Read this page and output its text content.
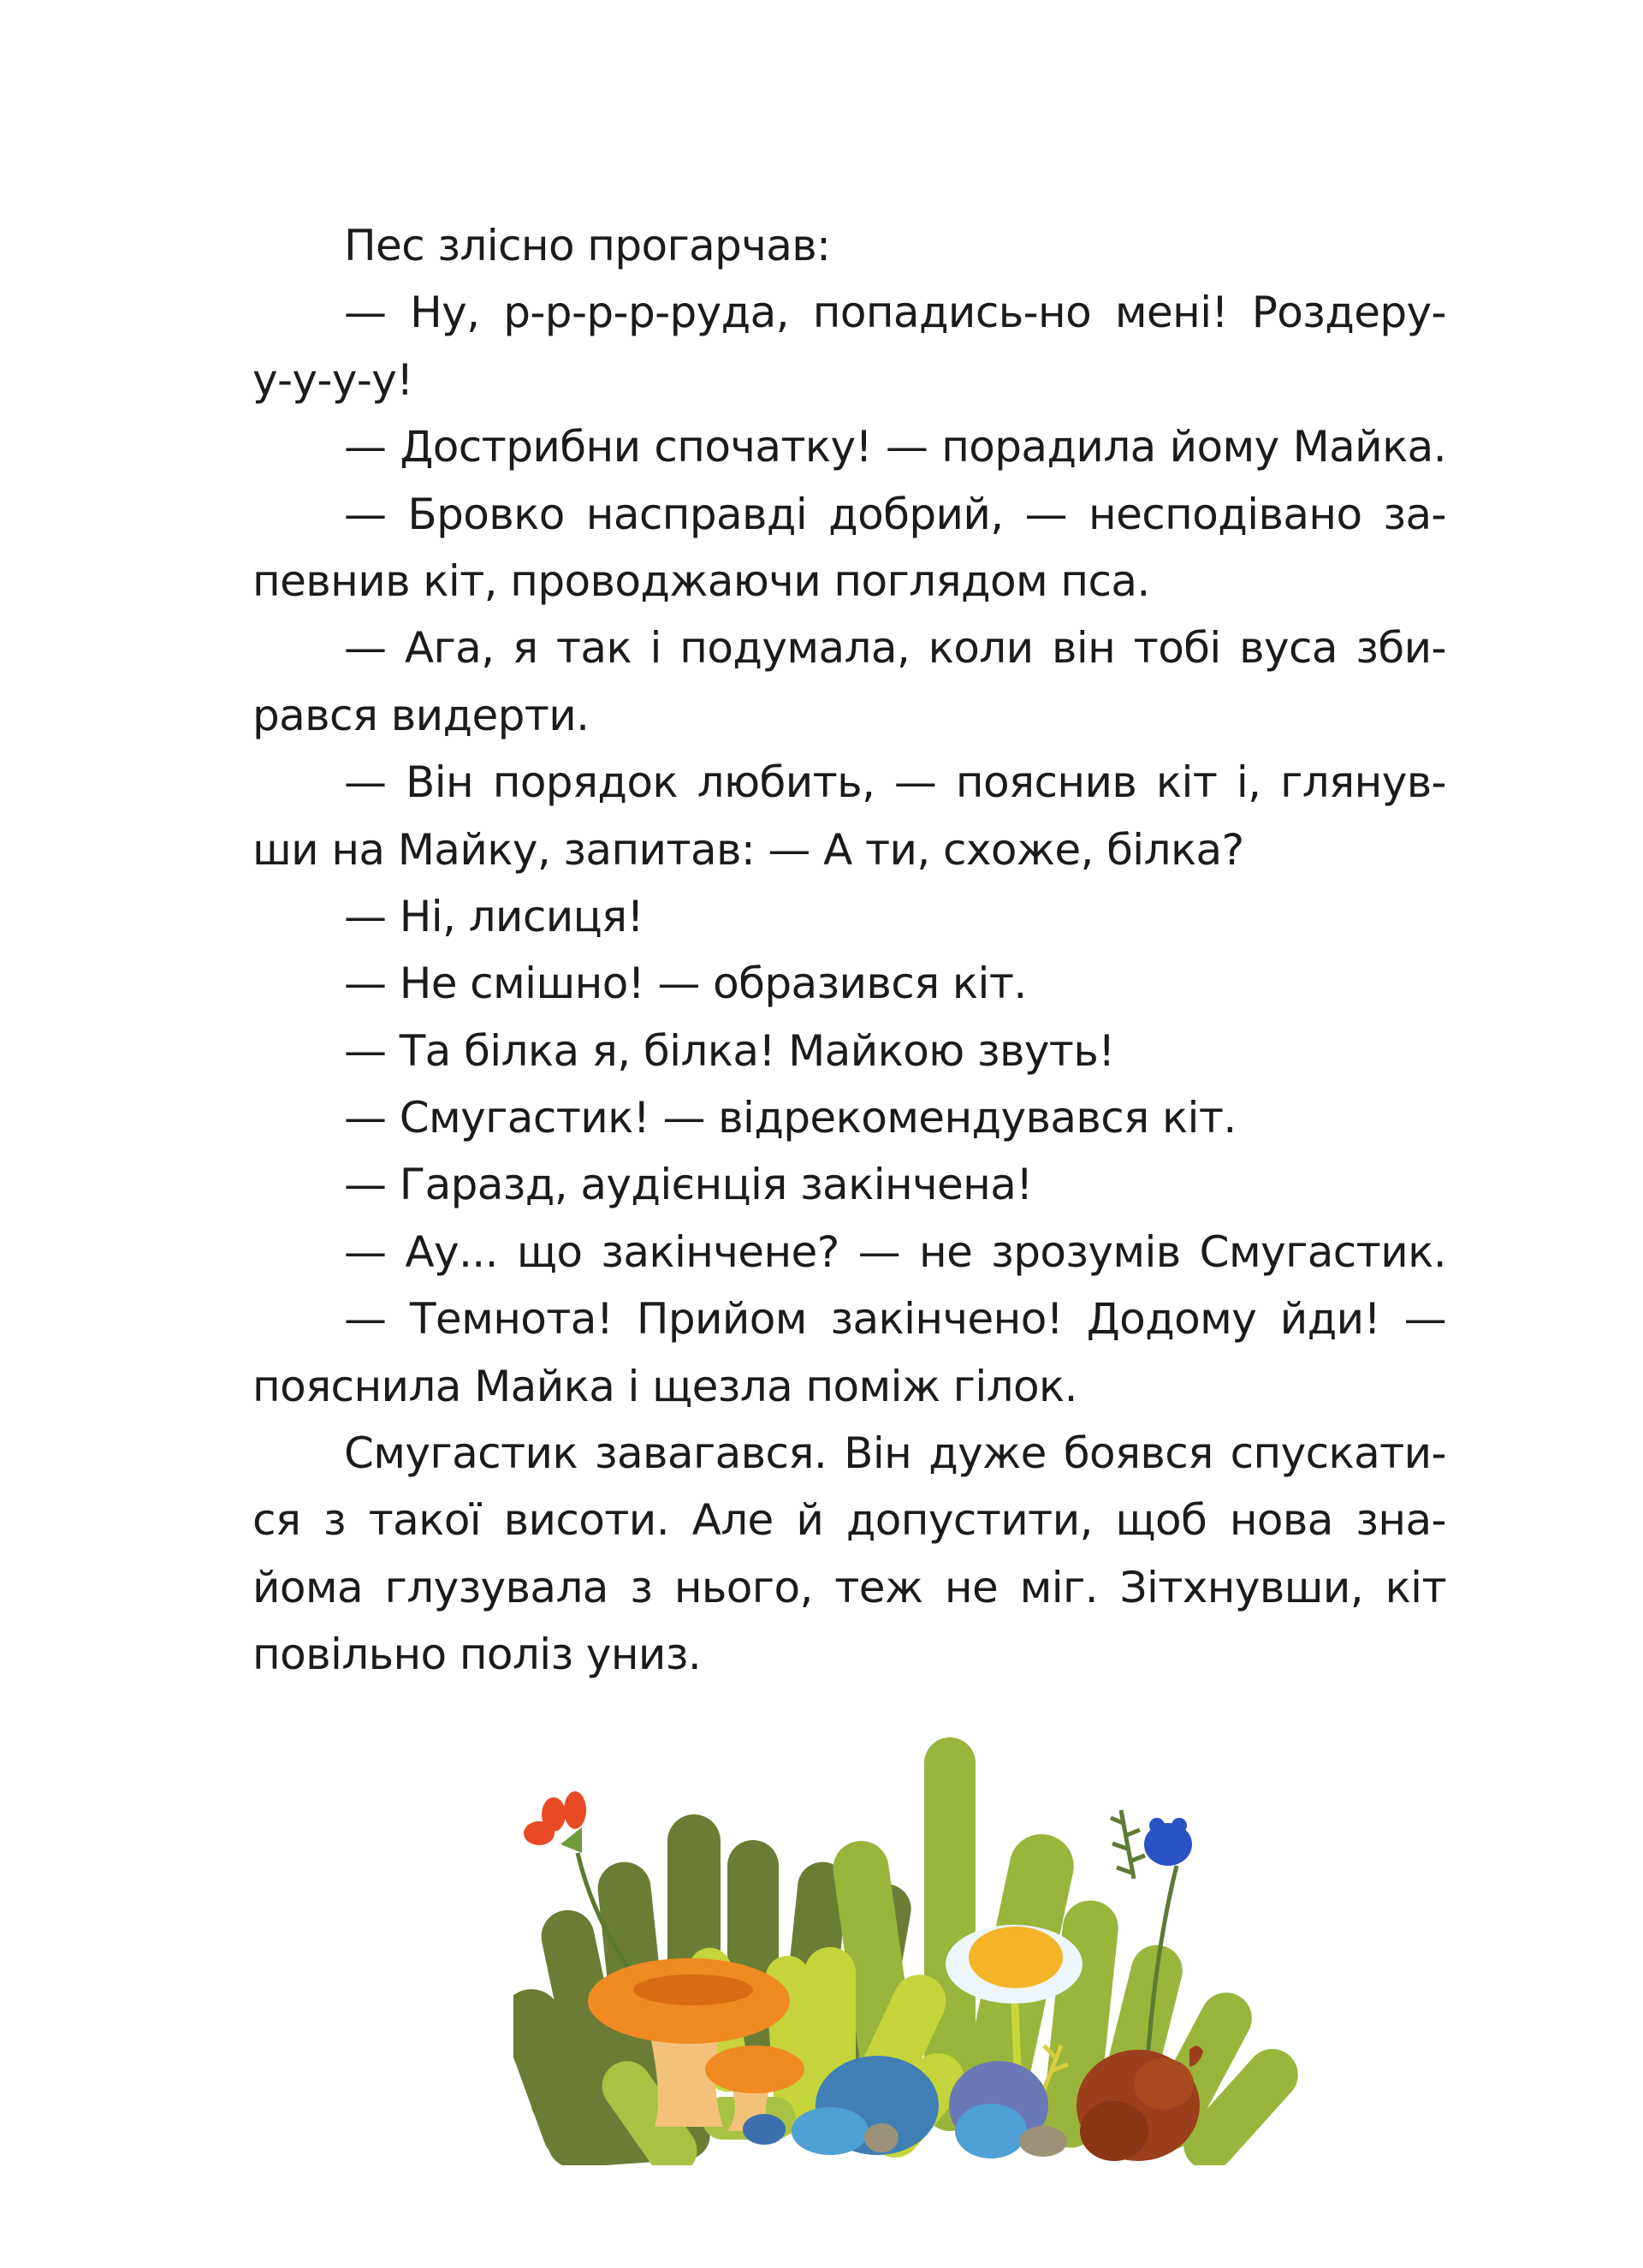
Пес злісно прогарчав:
— Ну, р-р-р-р-руда, попадись-но мені! Роздеру-
у-у-у-у!
— Дострибни спочатку! — порадила йому Майка.
— Бровко насправді добрий, — несподівано за-
певнив кіт, проводжаючи поглядом пса.
— Ага, я так і подумала, коли він тобі вуса зби-
рався видерти.
— Він порядок любить, — пояснив кіт і, глянув-
ши на Майку, запитав: — А ти, схоже, білка?
— Ні, лисиця!
— Не смішно! — образився кіт.
— Та білка я, білка! Майкою звуть!
— Смугастик! — відрекомендувався кіт.
— Гаразд, аудієнція закінчена!
— Ау... що закінчене? — не зрозумів Смугастик.
— Темнота! Прийом закінчено! Додому йди! —
пояснила Майка і щезла поміж гілок.
Смугастик завагався. Він дуже боявся спускати-
ся з такої висоти. Але й допустити, щоб нова зна-
йома глузувала з нього, теж не міг. Зітхнувши, кіт
повільно поліз униз.
